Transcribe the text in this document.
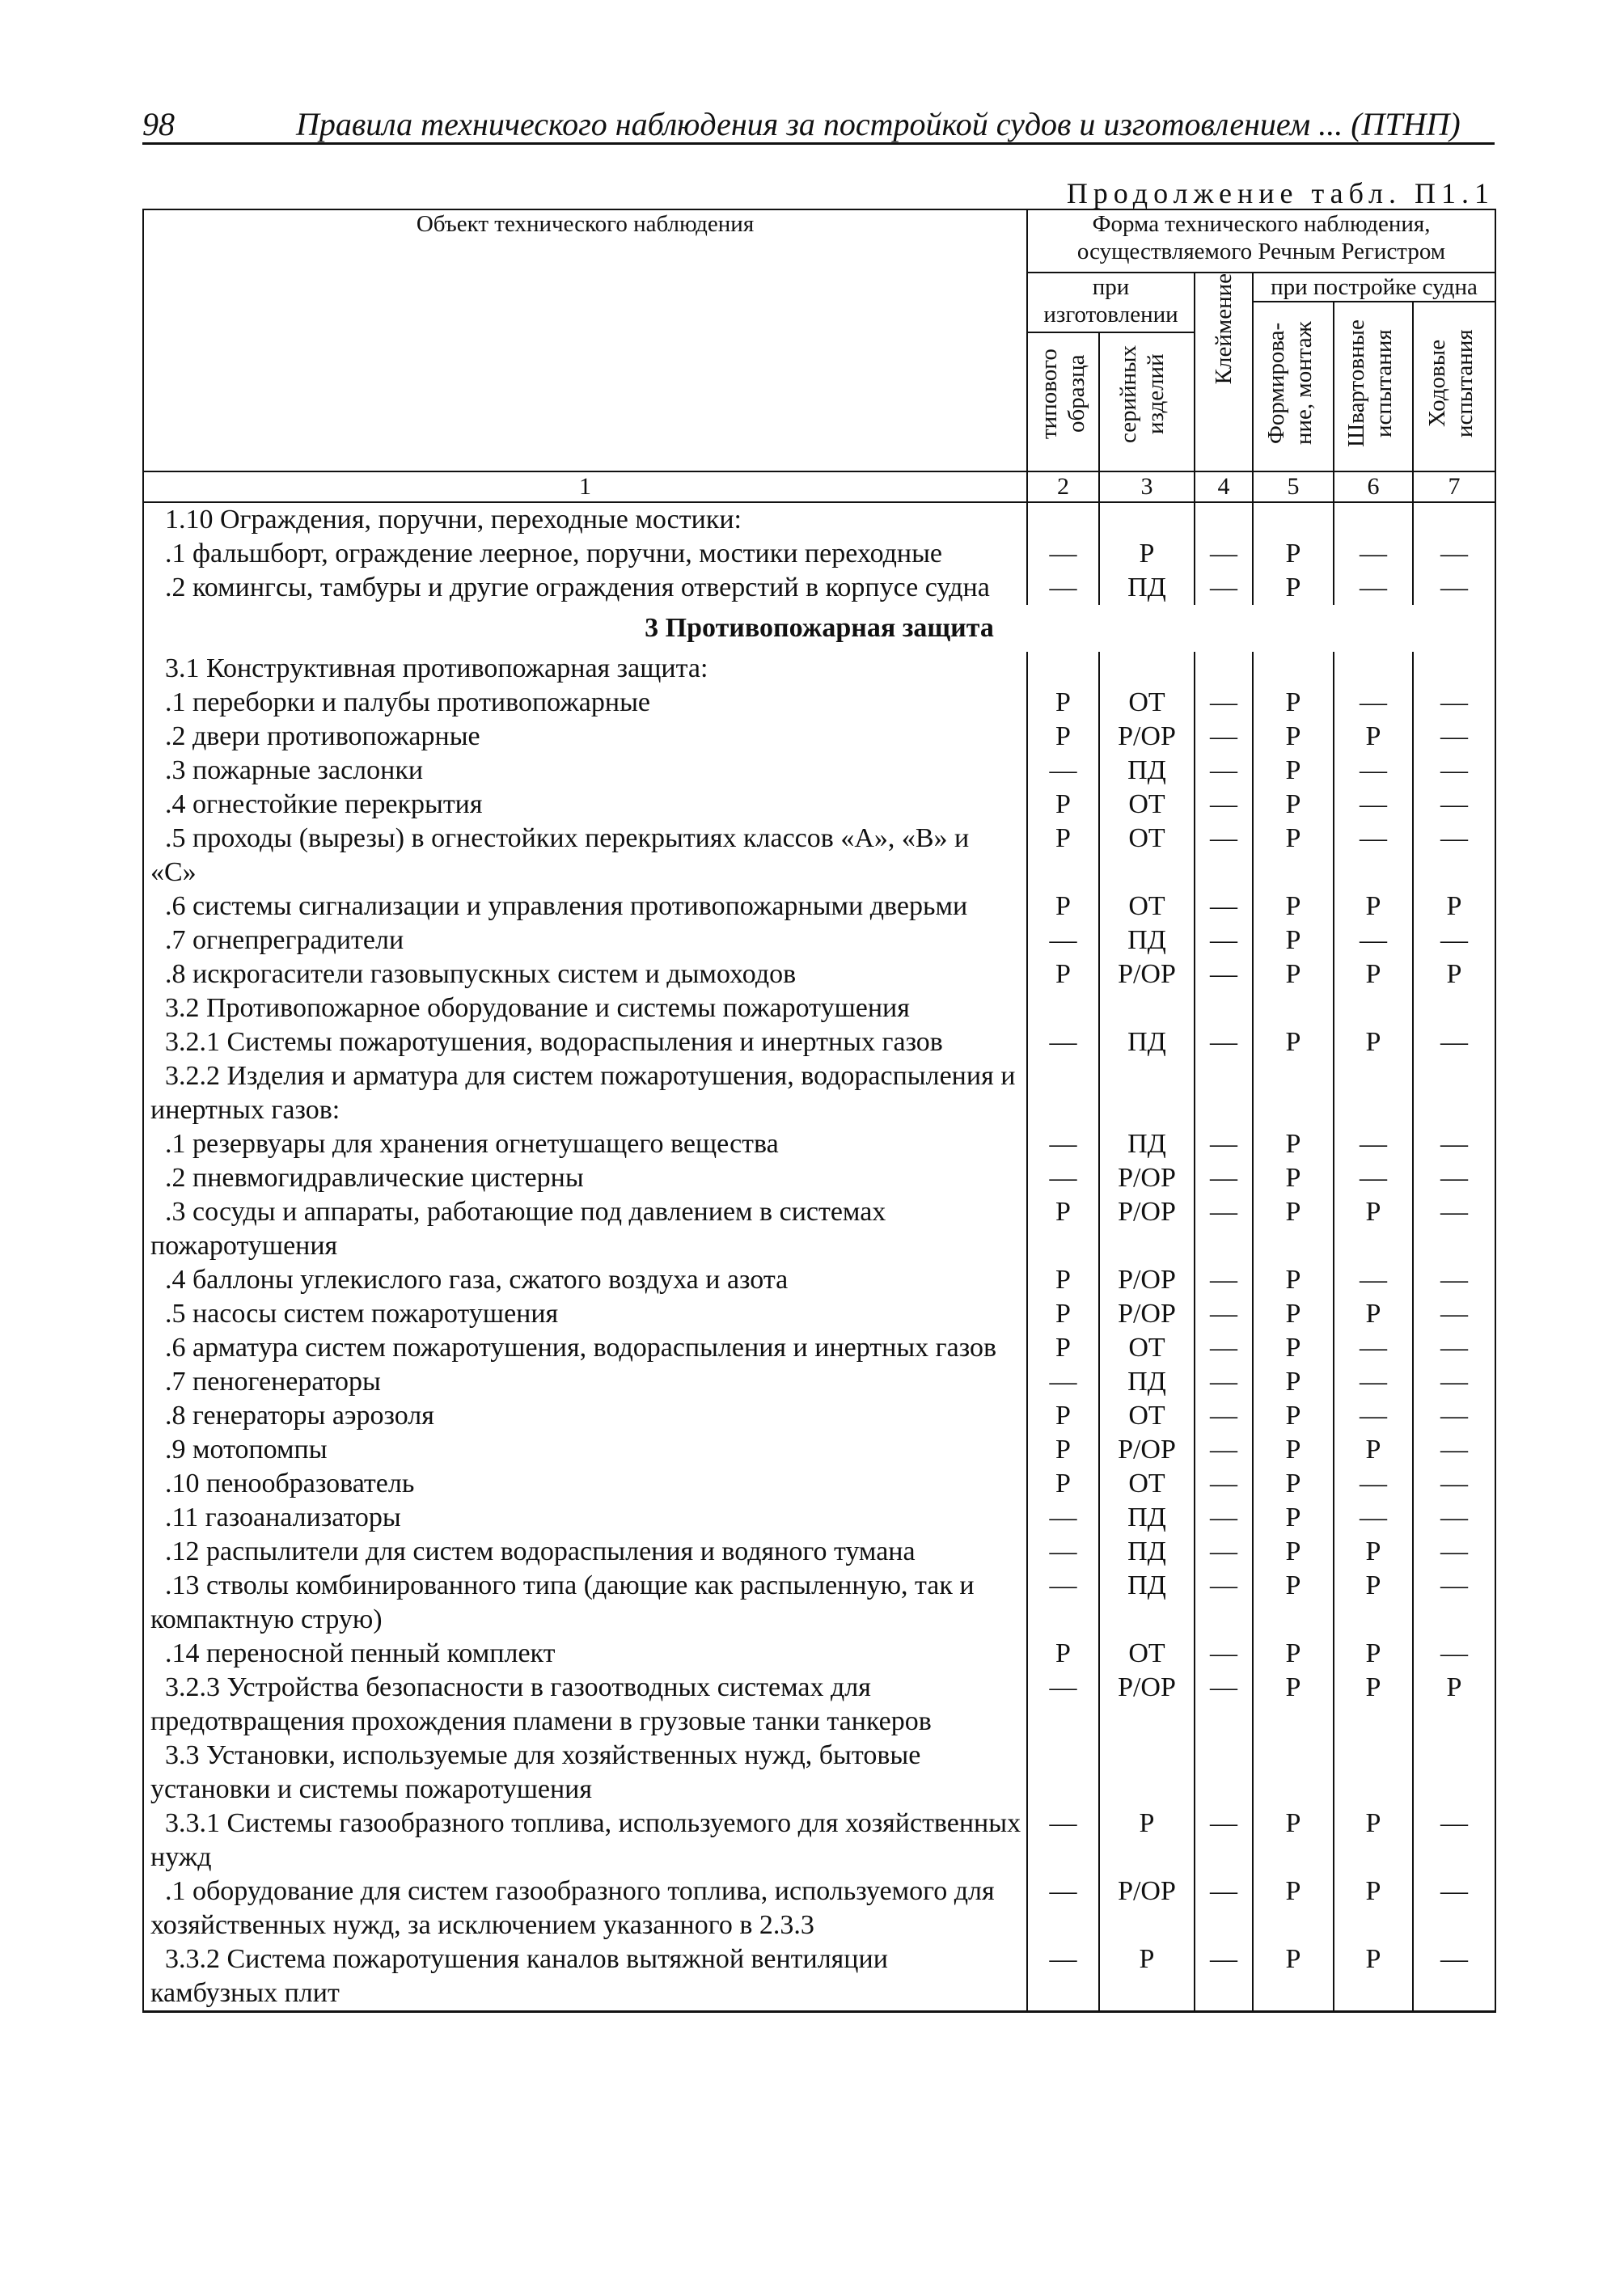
98	Правила технического наблюдения за постройкой судов и изготовлением ... (ПТНП)
Продолжение табл. П1.1
Объект технического наблюдения	Форма технического наблюдения, осуществляемого Речным Регистром					
	при изготовлении		Клеймение	при постройке судна		
				Формирова-ние, монтаж	Швартовные испытания	Ходовые испытания
	типового образца	серийных изделий				
1	2	3	4	5	6	7
1.10 Ограждения, поручни, переходные мостики:						
.1 фальшборт, ограждение леерное, поручни, мостики переходные	—	Р	—	Р	—	—
.2 комингсы, тамбуры и другие ограждения отверстий в корпусе судна	—	ПД	—	Р	—	—
3 Противопожарная защита						
3.1 Конструктивная противопожарная защита:						
.1 переборки и палубы противопожарные	Р	ОТ	—	Р	—	—
.2 двери противопожарные	Р	Р/ОР	—	Р	Р	—
.3 пожарные заслонки	—	ПД	—	Р	—	—
.4 огнестойкие перекрытия	Р	ОТ	—	Р	—	—
.5 проходы (вырезы) в огнестойких перекрытиях классов «А», «В» и «С»	Р	ОТ	—	Р	—	—
.6 системы сигнализации и управления противопожарными дверьми	Р	ОТ	—	Р	Р	Р
.7 огнепреградители	—	ПД	—	Р	—	—
.8 искрогасители газовыпускных систем и дымоходов	Р	Р/ОР	—	Р	Р	Р
3.2 Противопожарное оборудование и системы пожаротушения						
3.2.1 Системы пожаротушения, водораспыления и инертных газов	—	ПД	—	Р	Р	—
3.2.2 Изделия и арматура для систем пожаротушения, водораспыления и инертных газов:						
.1 резервуары для хранения огнетушащего вещества	—	ПД	—	Р	—	—
.2 пневмогидравлические цистерны	—	Р/ОР	—	Р	—	—
.3 сосуды и аппараты, работающие под давлением в системах пожаротушения	Р	Р/ОР	—	Р	Р	—
.4 баллоны углекислого газа, сжатого воздуха и азота	Р	Р/ОР	—	Р	—	—
.5 насосы систем пожаротушения	Р	Р/ОР	—	Р	Р	—
.6 арматура систем пожаротушения, водораспыления и инертных газов	Р	ОТ	—	Р	—	—
.7 пеногенераторы	—	ПД	—	Р	—	—
.8 генераторы аэрозоля	Р	ОТ	—	Р	—	—
.9 мотопомпы	Р	Р/ОР	—	Р	Р	—
.10 пенообразователь	Р	ОТ	—	Р	—	—
.11 газоанализаторы	—	ПД	—	Р	—	—
.12 распылители для систем водораспыления и водяного тумана	—	ПД	—	Р	Р	—
.13 стволы комбинированного типа (дающие как распыленную, так и компактную струю)	—	ПД	—	Р	Р	—
.14 переносной пенный комплект	Р	ОТ	—	Р	Р	—
3.2.3 Устройства безопасности в газоотводных системах для предотвращения прохождения пламени в грузовые танки танкеров	—	Р/ОР	—	Р	Р	Р
3.3 Установки, используемые для хозяйственных нужд, бытовые установки и системы пожаротушения						
3.3.1 Системы газообразного топлива, используемого для хозяйственных нужд	—	Р	—	Р	Р	—
.1 оборудование для систем газообразного топлива, используемого для хозяйственных нужд, за исключением указанного в 2.3.3	—	Р/ОР	—	Р	Р	—
3.3.2 Система пожаротушения каналов вытяжной вентиляции камбузных плит	—	Р	—	Р	Р	—
